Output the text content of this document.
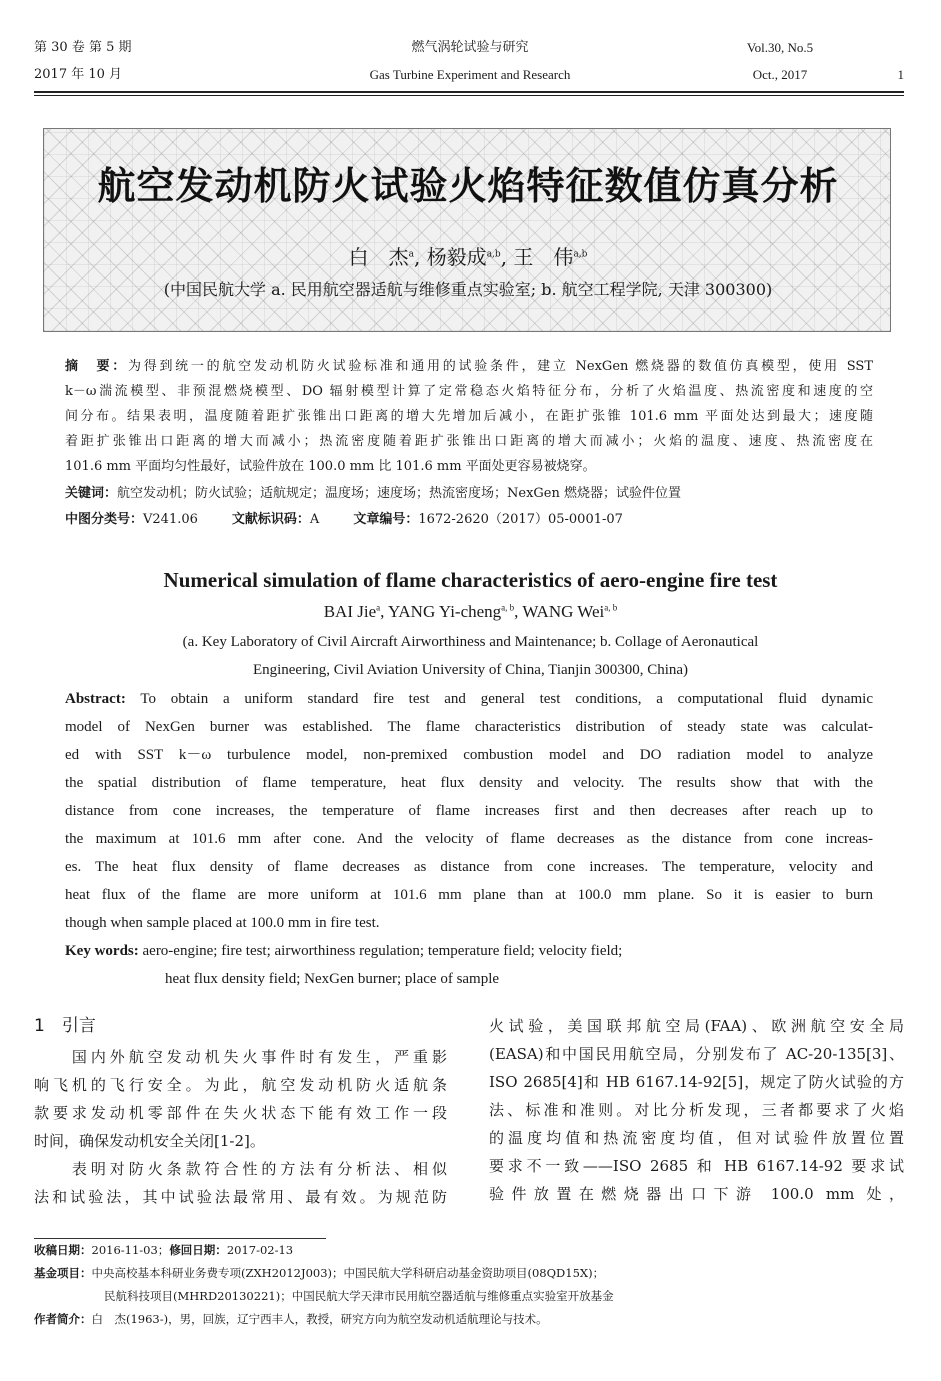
第 30 卷 第 5 期
2017 年 10 月
燃气涡轮试验与研究
Gas Turbine Experiment and Research
Vol.30, No.5
Oct., 2017	1
航空发动机防火试验火焰特征数值仿真分析
白　杰$^a$, 杨毅成$^{a,b}$, 王　伟$^{a,b}$
(中国民航大学 a. 民用航空器适航与维修重点实验室; b. 航空工程学院, 天津 300300)
摘　要：为得到统一的航空发动机防火试验标准和通用的试验条件，建立 NexGen 燃烧器的数值仿真模型，使用 SST
k－ω湍流模型、非预混燃烧模型、DO 辐射模型计算了定常稳态火焰特征分布，分析了火焰温度、热流密度和速度的空
间分布。结果表明，温度随着距扩张锥出口距离的增大先增加后减小，在距扩张锥 101.6 mm 平面处达到最大；速度随
着距扩张锥出口距离的增大而减小；热流密度随着距扩张锥出口距离的增大而减小；火焰的温度、速度、热流密度在
101.6 mm 平面均匀性最好，试验件放在 100.0 mm 比 101.6 mm 平面处更容易被烧穿。
关键词：航空发动机；防火试验；适航规定；温度场；速度场；热流密度场；NexGen 燃烧器；试验件位置
中图分类号：V241.06	文献标识码：A	文章编号：1672-2620（2017）05-0001-07
Numerical simulation of flame characteristics of aero-engine fire test
BAI Jie$^a$, YANG Yi-cheng$^{a, b}$, WANG Wei$^{a, b}$
(a. Key Laboratory of Civil Aircraft Airworthiness and Maintenance; b. Collage of Aeronautical
Engineering, Civil Aviation University of China, Tianjin 300300, China)
Abstract: To obtain a uniform standard fire test and general test conditions, a computational fluid dynamic
model of NexGen burner was established. The flame characteristics distribution of steady state was calculat-
ed with SST k－ω turbulence model, non-premixed combustion model and DO radiation model to analyze
the spatial distribution of flame temperature, heat flux density and velocity. The results show that with the
distance from cone increases, the temperature of flame increases first and then decreases after reach up to
the maximum at 101.6 mm after cone. And the velocity of flame decreases as the distance from cone increas-
es. The heat flux density of flame decreases as distance from cone increases. The temperature, velocity and
heat flux of the flame are more uniform at 101.6 mm plane than at 100.0 mm plane. So it is easier to burn
though when sample placed at 100.0 mm in fire test.
Key words: aero-engine; fire test; airworthiness regulation; temperature field; velocity field;
heat flux density field; NexGen burner; place of sample
1　引言
　　国内外航空发动机失火事件时有发生，严重影
响飞机的飞行安全。为此，航空发动机防火适航条
款要求发动机零部件在失火状态下能有效工作一段
时间，确保发动机安全关闭[1-2]。
　　表明对防火条款符合性的方法有分析法、相似
法和试验法，其中试验法最常用、最有效。为规范防
火试验，美国联邦航空局(FAA)、欧洲航空安全局
(EASA)和中国民用航空局，分别发布了 AC-20-135[3]、
ISO 2685[4]和 HB 6167.14-92[5]，规定了防火试验的方
法、标准和准则。对比分析发现，三者都要求了火焰
的温度均值和热流密度均值，但对试验件放置位置
要求不一致——ISO 2685 和 HB 6167.14-92 要求试
验件放置在燃烧器出口下游 100.0 mm 处，
收稿日期：2016-11-03；修回日期：2017-02-13
基金项目：中央高校基本科研业务费专项(ZXH2012J003)；中国民航大学科研启动基金资助项目(08QD15X)；
民航科技项目(MHRD20130221)；中国民航大学天津市民用航空器适航与维修重点实验室开放基金
作者简介：白　杰(1963-)，男，回族，辽宁西丰人，教授，研究方向为航空发动机适航理论与技术。
